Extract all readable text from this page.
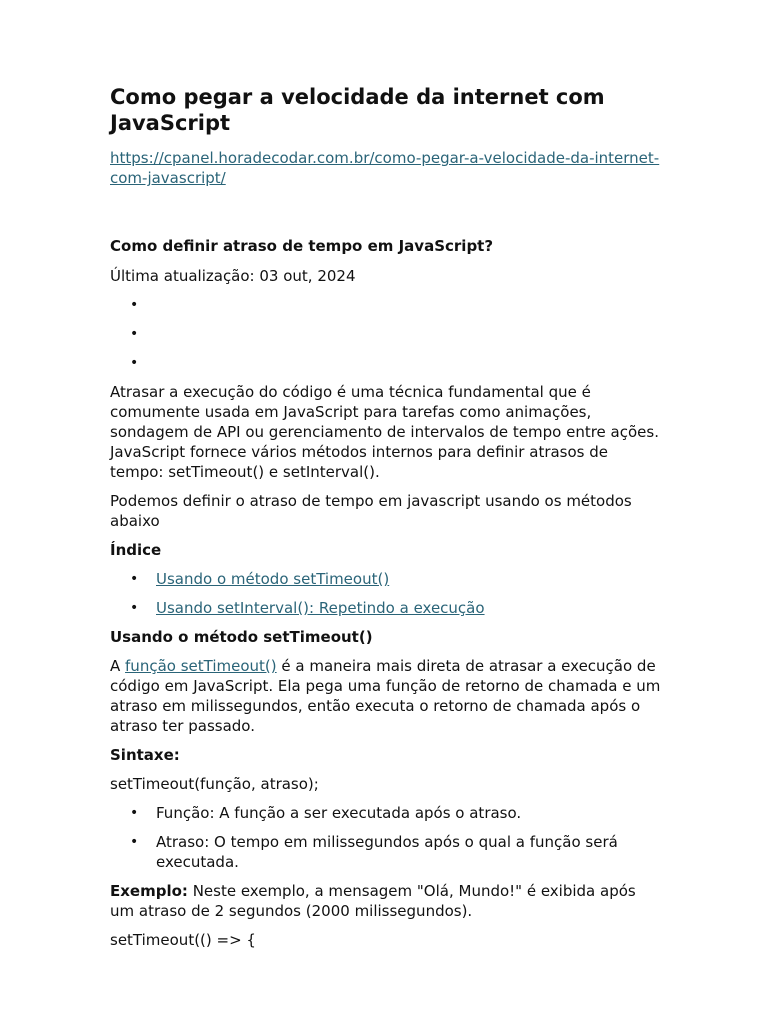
Como pegar a velocidade da internet com JavaScript
https://cpanel.horadecodar.com.br/como-pegar-a-velocidade-da-internet-com-javascript/
Como definir atraso de tempo em JavaScript?

Última atualização: 03 out, 2024

•
•
•

Atrasar a execução do código é uma técnica fundamental que é comumente usada em JavaScript para tarefas como animações, sondagem de API ou gerenciamento de intervalos de tempo entre ações. JavaScript fornece vários métodos internos para definir atrasos de tempo: setTimeout() e setInterval().

Podemos definir o atraso de tempo em javascript usando os métodos abaixo

Índice

• Usando o método setTimeout()
• Usando setInterval(): Repetindo a execução

Usando o método setTimeout()

A função setTimeout() é a maneira mais direta de atrasar a execução de código em JavaScript. Ela pega uma função de retorno de chamada e um atraso em milissegundos, então executa o retorno de chamada após o atraso ter passado.

Sintaxe:

setTimeout(função, atraso);

• Função: A função a ser executada após o atraso.
• Atraso: O tempo em milissegundos após o qual a função será executada.

Exemplo: Neste exemplo, a mensagem "Olá, Mundo!" é exibida após um atraso de 2 segundos (2000 milissegundos).

setTimeout(() => {
